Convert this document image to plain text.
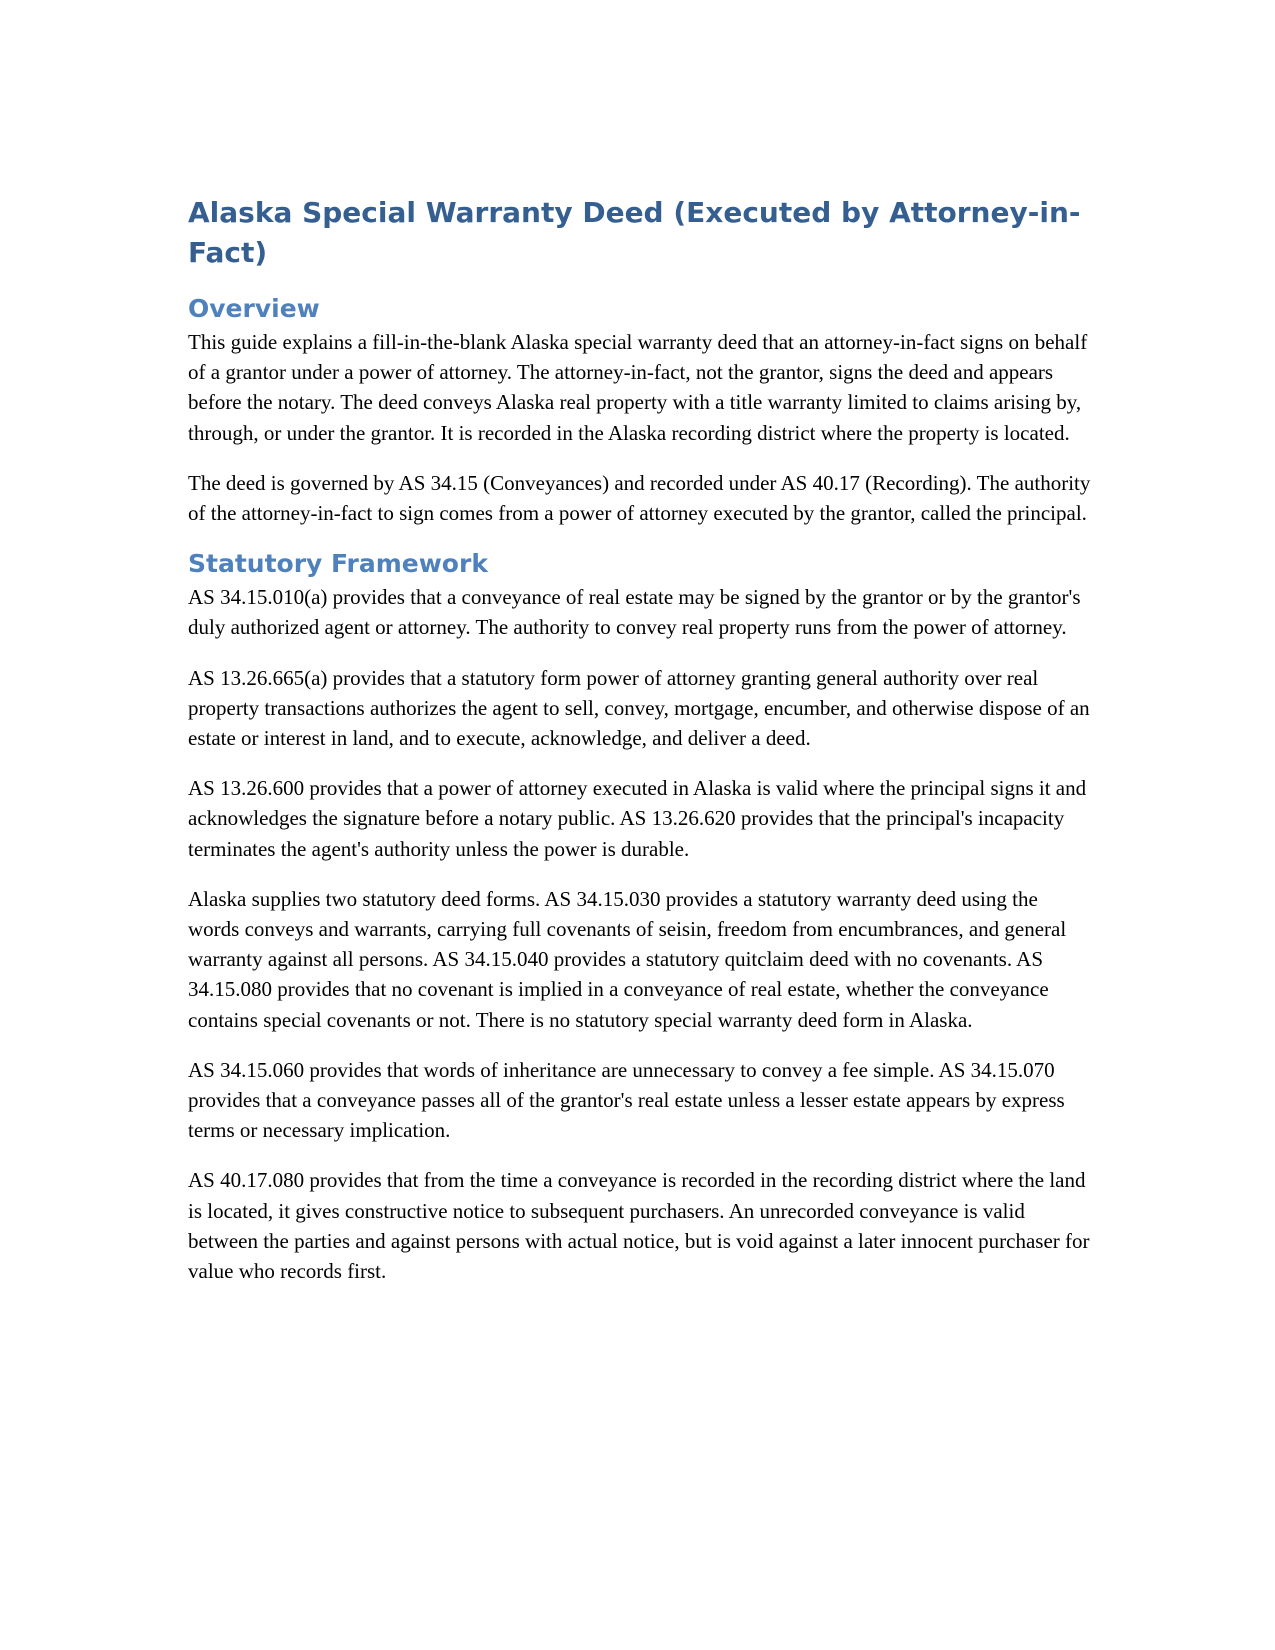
Alaska Special Warranty Deed (Executed by Attorney-in-Fact)
Overview

This guide explains a fill-in-the-blank Alaska special warranty deed that an attorney-in-fact signs on behalf of a grantor under a power of attorney. The attorney-in-fact, not the grantor, signs the deed and appears before the notary. The deed conveys Alaska real property with a title warranty limited to claims arising by, through, or under the grantor. It is recorded in the Alaska recording district where the property is located.

The deed is governed by AS 34.15 (Conveyances) and recorded under AS 40.17 (Recording). The authority of the attorney-in-fact to sign comes from a power of attorney executed by the grantor, called the principal.

Statutory Framework

AS 34.15.010(a) provides that a conveyance of real estate may be signed by the grantor or by the grantor's duly authorized agent or attorney. The authority to convey real property runs from the power of attorney.

AS 13.26.665(a) provides that a statutory form power of attorney granting general authority over real property transactions authorizes the agent to sell, convey, mortgage, encumber, and otherwise dispose of an estate or interest in land, and to execute, acknowledge, and deliver a deed.

AS 13.26.600 provides that a power of attorney executed in Alaska is valid where the principal signs it and acknowledges the signature before a notary public. AS 13.26.620 provides that the principal's incapacity terminates the agent's authority unless the power is durable.

Alaska supplies two statutory deed forms. AS 34.15.030 provides a statutory warranty deed using the words conveys and warrants, carrying full covenants of seisin, freedom from encumbrances, and general warranty against all persons. AS 34.15.040 provides a statutory quitclaim deed with no covenants. AS 34.15.080 provides that no covenant is implied in a conveyance of real estate, whether the conveyance contains special covenants or not. There is no statutory special warranty deed form in Alaska.

AS 34.15.060 provides that words of inheritance are unnecessary to convey a fee simple. AS 34.15.070 provides that a conveyance passes all of the grantor's real estate unless a lesser estate appears by express terms or necessary implication.

AS 40.17.080 provides that from the time a conveyance is recorded in the recording district where the land is located, it gives constructive notice to subsequent purchasers. An unrecorded conveyance is valid between the parties and against persons with actual notice, but is void against a later innocent purchaser for value who records first.
